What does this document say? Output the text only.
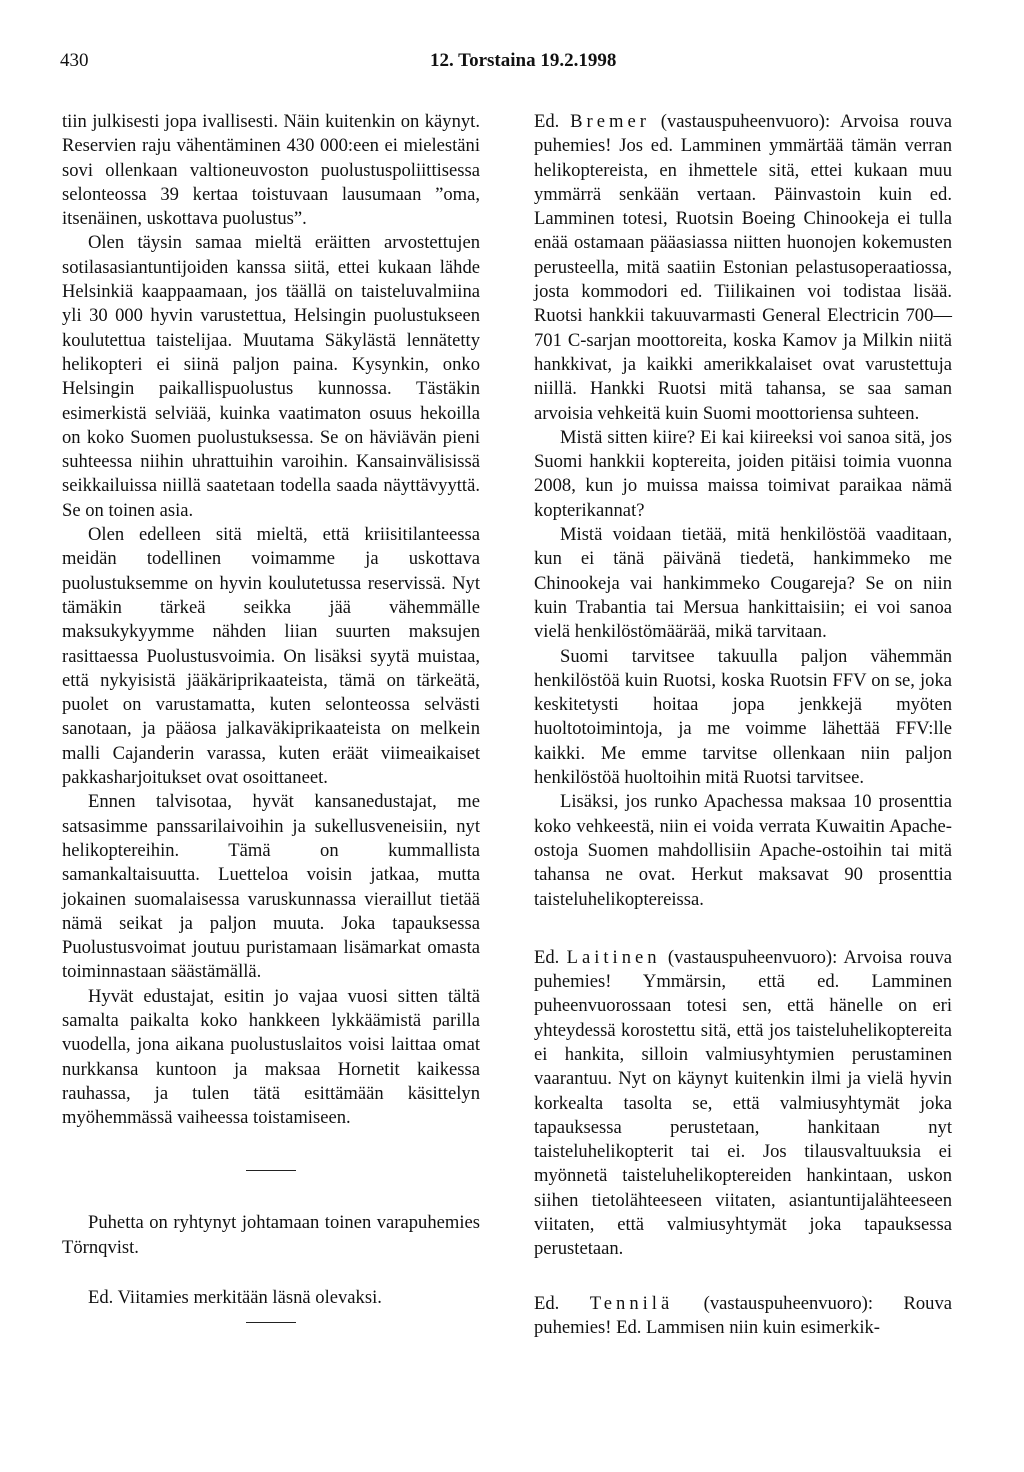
430	12. Torstaina 19.2.1998

tiin julkisesti jopa ivallisesti. Näin kuitenkin on käynyt. Reservien raju vähentäminen 430 000:een ei mielestäni sovi ollenkaan valtioneuvoston puolustuspoliittisessa selonteossa 39 kertaa toistuvaan lausumaan ”oma, itsenäinen, uskottava puolustus”.

Olen täysin samaa mieltä eräitten arvostettujen sotilasasiantuntijoiden kanssa siitä, ettei kukaan lähde Helsinkiä kaappaamaan, jos täällä on taisteluvalmiina yli 30 000 hyvin varustettua, Helsingin puolustukseen koulutettua taistelijaa. Muutama Säkylästä lennätetty helikopteri ei siinä paljon paina. Kysynkin, onko Helsingin paikallispuolustus kunnossa. Tästäkin esimerkistä selviää, kuinka vaatimaton osuus hekoilla on koko Suomen puolustuksessa. Se on häviävän pieni suhteessa niihin uhrattuihin varoihin. Kansainvälisissä seikkailuissa niillä saatetaan todella saada näyttävyyttä. Se on toinen asia.

Olen edelleen sitä mieltä, että kriisitilanteessa meidän todellinen voimamme ja uskottava puolustuksemme on hyvin koulutetussa reservissä. Nyt tämäkin tärkeä seikka jää vähemmälle maksukykyymme nähden liian suurten maksujen rasittaessa Puolustusvoimia. On lisäksi syytä muistaa, että nykyisistä jääkäriprikaateista, tämä on tärkeätä, puolet on varustamatta, kuten selonteossa selvästi sanotaan, ja pääosa jalkaväkiprikaateista on melkein malli Cajanderin varassa, kuten eräät viimeaikaiset pakkasharjoitukset ovat osoittaneet.

Ennen talvisotaa, hyvät kansanedustajat, me satsasimme panssarilaivoihin ja sukellusveneisiin, nyt helikoptereihin. Tämä on kummallista samankaltaisuutta. Luetteloa voisin jatkaa, mutta jokainen suomalaisessa varuskunnassa vieraillut tietää nämä seikat ja paljon muuta. Joka tapauksessa Puolustusvoimat joutuu puristamaan lisämarkat omasta toiminnastaan säästämällä.

Hyvät edustajat, esitin jo vajaa vuosi sitten tältä samalta paikalta koko hankkeen lykkäämistä parilla vuodella, jona aikana puolustuslaitos voisi laittaa omat nurkkansa kuntoon ja maksaa Hornetit kaikessa rauhassa, ja tulen tätä esittämään käsittelyn myöhemmässä vaiheessa toistamiseen.

Puhetta on ryhtynyt johtamaan toinen varapuhemies Törnqvist.

Ed. Viitamies merkitään läsnä olevaksi.

Ed. Bremer (vastauspuheenvuoro): Arvoisa rouva puhemies! Jos ed. Lamminen ymmärtää tämän verran helikoptereista, en ihmettele sitä, ettei kukaan muu ymmärrä senkään vertaan. Päinvastoin kuin ed. Lamminen totesi, Ruotsin Boeing Chinookeja ei tulla enää ostamaan pääasiassa niitten huonojen kokemusten perusteella, mitä saatiin Estonian pelastusoperaatiossa, josta kommodori ed. Tiilikainen voi todistaa lisää. Ruotsi hankkii takuuvarmasti General Electricin 700—701 C-sarjan moottoreita, koska Kamov ja Milkin niitä hankkivat, ja kaikki amerikkalaiset ovat varustettuja niillä. Hankki Ruotsi mitä tahansa, se saa saman arvoisia vehkeitä kuin Suomi moottoriensa suhteen.

Mistä sitten kiire? Ei kai kiireeksi voi sanoa sitä, jos Suomi hankkii koptereita, joiden pitäisi toimia vuonna 2008, kun jo muissa maissa toimivat paraikaa nämä kopterikannat?

Mistä voidaan tietää, mitä henkilöstöä vaaditaan, kun ei tänä päivänä tiedetä, hankimmeko me Chinookeja vai hankimmeko Cougareja? Se on niin kuin Trabantia tai Mersua hankittaisiin; ei voi sanoa vielä henkilöstömäärää, mikä tarvitaan.

Suomi tarvitsee takuulla paljon vähemmän henkilöstöä kuin Ruotsi, koska Ruotsin FFV on se, joka keskitetysti hoitaa jopa jenkkejä myöten huoltotoimintoja, ja me voimme lähettää FFV:lle kaikki. Me emme tarvitse ollenkaan niin paljon henkilöstöä huoltoihin mitä Ruotsi tarvitsee.

Lisäksi, jos runko Apachessa maksaa 10 prosenttia koko vehkeestä, niin ei voida verrata Kuwaitin Apache-ostoja Suomen mahdollisiin Apache-ostoihin tai mitä tahansa ne ovat. Herkut maksavat 90 prosenttia taisteluhelikoptereissa.

Ed. Laitinen (vastauspuheenvuoro): Arvoisa rouva puhemies! Ymmärsin, että ed. Lamminen puheenvuorossaan totesi sen, että hänelle on eri yhteydessä korostettu sitä, että jos taisteluhelikoptereita ei hankita, silloin valmiusyhtymien perustaminen vaarantuu. Nyt on käynyt kuitenkin ilmi ja vielä hyvin korkealta tasolta se, että valmiusyhtymät joka tapauksessa perustetaan, hankitaan nyt taisteluhelikopterit tai ei. Jos tilausvaltuuksia ei myönnetä taisteluhelikoptereiden hankintaan, uskon siihen tietolähteeseen viitaten, asiantuntijalähteeseen viitaten, että valmiusyhtymät joka tapauksessa perustetaan.

Ed. Tennilä (vastauspuheenvuoro): Rouva puhemies! Ed. Lammisen niin kuin esimerkik-
